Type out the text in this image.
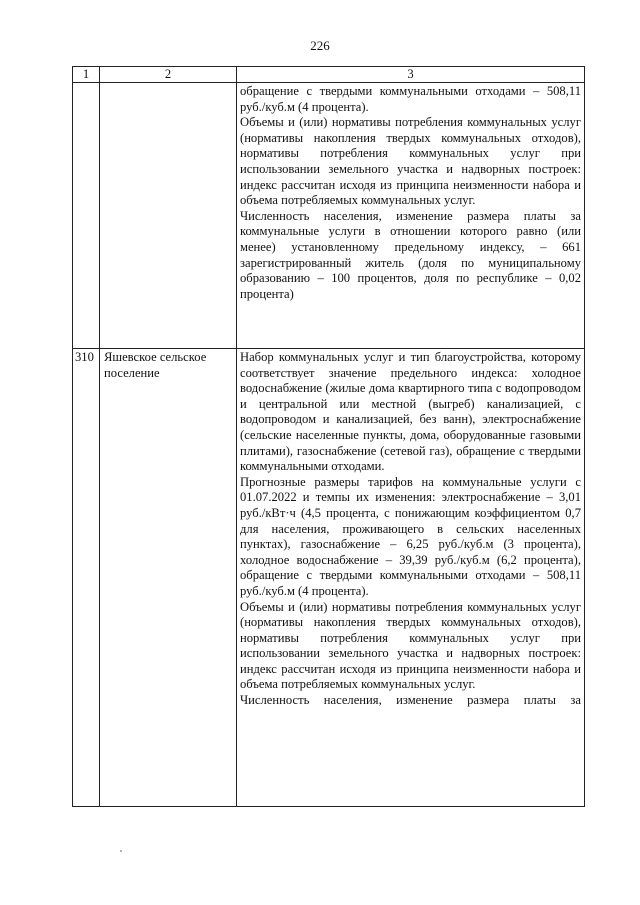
226
1	2	3

		обращение с твердыми коммунальными отходами – 508,11 руб./куб.м (4 процента).

Объемы и (или) нормативы потребления коммунальных услуг (нормативы накопления твердых коммунальных отходов), нормативы потребления коммунальных услуг при использовании земельного участка и надворных построек: индекс рассчитан исходя из принципа неизменности набора и объема потребляемых коммунальных услуг.

Численность населения, изменение размера платы за коммунальные услуги в отношении которого равно (или менее) установленному предельному индексу, – 661 зарегистрированный житель (доля по муниципальному образованию – 100 процентов, доля по республике – 0,02 процента)

310	Яшевское сельское поселение	Набор коммунальных услуг и тип благоустройства, которому соответствует значение предельного индекса: холодное водоснабжение (жилые дома квартирного типа с водопроводом и центральной или местной (выгреб) канализацией, с водопроводом и канализацией, без ванн), электроснабжение (сельские населенные пункты, дома, оборудованные газовыми плитами), газоснабжение (сетевой газ), обращение с твердыми коммунальными отходами.

Прогнозные размеры тарифов на коммунальные услуги с 01.07.2022 и темпы их изменения: электроснабжение – 3,01 руб./кВт·ч (4,5 процента, с понижающим коэффициентом 0,7 для населения, проживающего в сельских населенных пунктах), газоснабжение – 6,25 руб./куб.м (3 процента), холодное водоснабжение – 39,39 руб./куб.м (6,2 процента), обращение с твердыми коммунальными отходами – 508,11 руб./куб.м (4 процента).

Объемы и (или) нормативы потребления коммунальных услуг (нормативы накопления твердых коммунальных отходов), нормативы потребления коммунальных услуг при использовании земельного участка и надворных построек: индекс рассчитан исходя из принципа неизменности набора и объема потребляемых коммунальных услуг.

Численность населения, изменение размера платы за
